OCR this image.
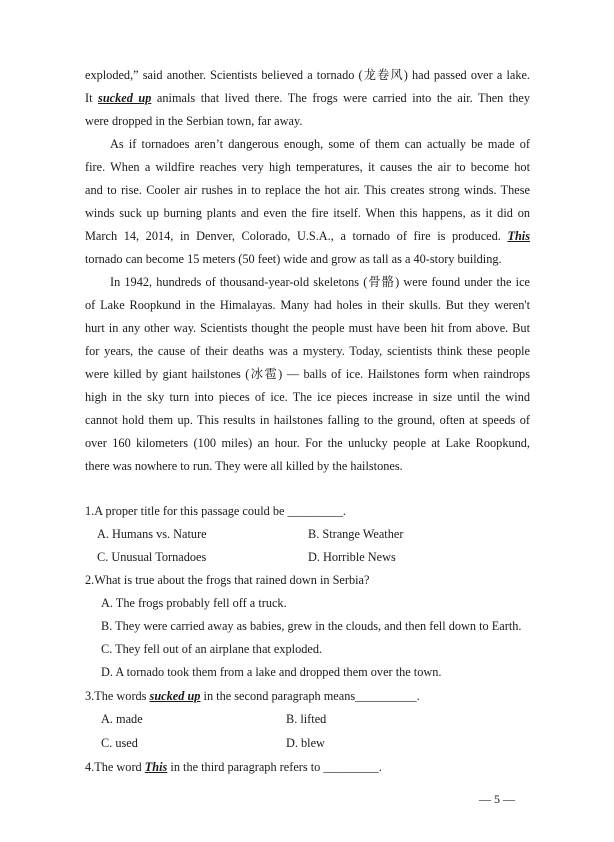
exploded,” said another. Scientists believed a tornado (龙卷风) had passed over a lake.
It sucked up animals that lived there. The frogs were carried into the air. Then they
were dropped in the Serbian town, far away.
As if tornadoes aren’t dangerous enough, some of them can actually be made of
fire. When a wildfire reaches very high temperatures, it causes the air to become hot
and to rise. Cooler air rushes in to replace the hot air. This creates strong winds. These
winds suck up burning plants and even the fire itself. When this happens, as it did on
March 14, 2014, in Denver, Colorado, U.S.A., a tornado of fire is produced. This
tornado can become 15 meters (50 feet) wide and grow as tall as a 40-story building.
In 1942, hundreds of thousand-year-old skeletons (骨骼) were found under the ice
of Lake Roopkund in the Himalayas. Many had holes in their skulls. But they weren't
hurt in any other way. Scientists thought the people must have been hit from above. But
for years, the cause of their deaths was a mystery. Today, scientists think these people
were killed by giant hailstones (冰雹) — balls of ice. Hailstones form when raindrops
high in the sky turn into pieces of ice. The ice pieces increase in size until the wind
cannot hold them up. This results in hailstones falling to the ground, often at speeds of
over 160 kilometers (100 miles) an hour. For the unlucky people at Lake Roopkund,
there was nowhere to run. They were all killed by the hailstones.
1.A proper title for this passage could be _________.
A. Humans vs. Nature	B. Strange Weather
C. Unusual Tornadoes	D. Horrible News
2.What is true about the frogs that rained down in Serbia?
A. The frogs probably fell off a truck.
B. They were carried away as babies, grew in the clouds, and then fell down to Earth.
C. They fell out of an airplane that exploded.
D. A tornado took them from a lake and dropped them over the town.
3.The words sucked up in the second paragraph means__________.
A. made	B. lifted
C. used	D. blew
4.The word This in the third paragraph refers to _________.
— 5 —
